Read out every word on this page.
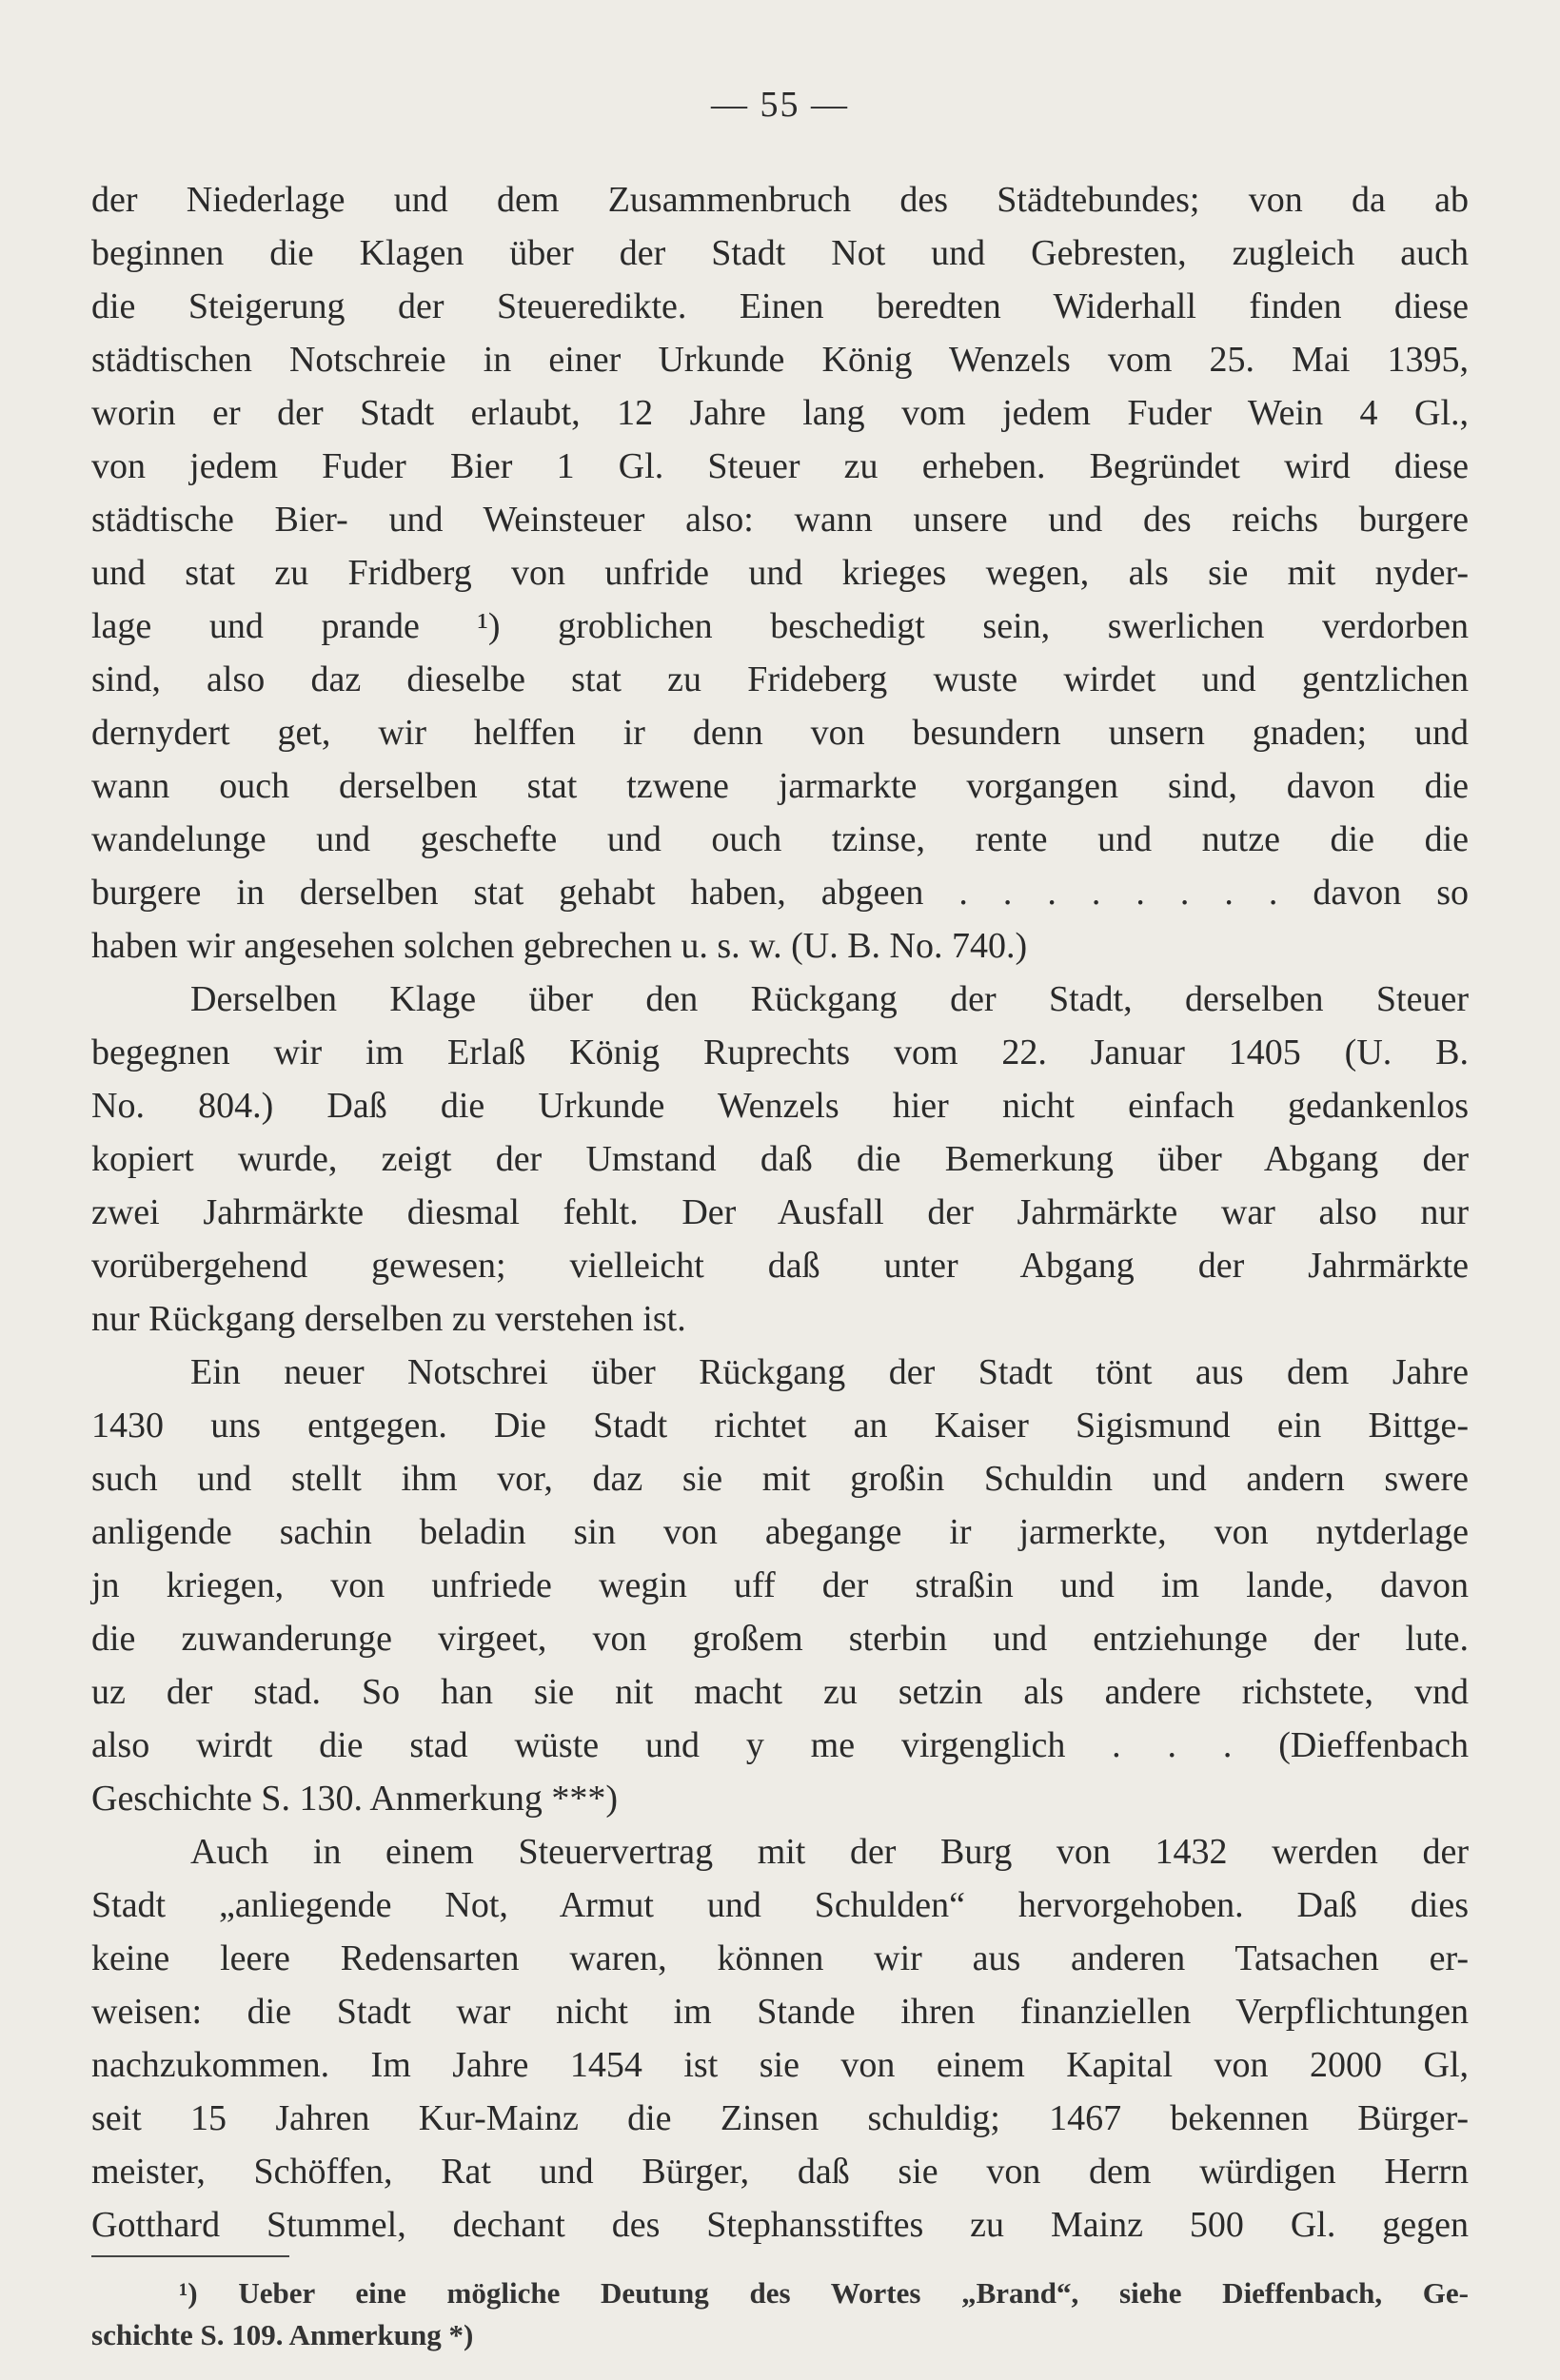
— 55 —
der Niederlage und dem Zusammenbruch des Städtebundes; von da ab
beginnen die Klagen über der Stadt Not und Gebresten, zugleich auch
die Steigerung der Steueredikte. Einen beredten Widerhall finden diese
städtischen Notschreie in einer Urkunde König Wenzels vom 25. Mai 1395,
worin er der Stadt erlaubt, 12 Jahre lang vom jedem Fuder Wein 4 Gl.,
von jedem Fuder Bier 1 Gl. Steuer zu erheben. Begründet wird diese
städtische Bier- und Weinsteuer also: wann unsere und des reichs burgere
und stat zu Fridberg von unfride und krieges wegen, als sie mit nyder-
lage und prande ¹) groblichen beschedigt sein, swerlichen verdorben
sind, also daz dieselbe stat zu Frideberg wuste wirdet und gentzlichen
dernydert get, wir helffen ir denn von besundern unsern gnaden; und
wann ouch derselben stat tzwene jarmarkte vorgangen sind, davon die
wandelunge und geschefte und ouch tzinse, rente und nutze die die
burgere in derselben stat gehabt haben, abgeen . . . . . . . . davon so
haben wir angesehen solchen gebrechen u. s. w. (U. B. No. 740.)
Derselben Klage über den Rückgang der Stadt, derselben Steuer
begegnen wir im Erlaß König Ruprechts vom 22. Januar 1405 (U. B.
No. 804.) Daß die Urkunde Wenzels hier nicht einfach gedankenlos
kopiert wurde, zeigt der Umstand daß die Bemerkung über Abgang der
zwei Jahrmärkte diesmal fehlt. Der Ausfall der Jahrmärkte war also nur
vorübergehend gewesen; vielleicht daß unter Abgang der Jahrmärkte
nur Rückgang derselben zu verstehen ist.
Ein neuer Notschrei über Rückgang der Stadt tönt aus dem Jahre
1430 uns entgegen. Die Stadt richtet an Kaiser Sigismund ein Bittge-
such und stellt ihm vor, daz sie mit großin Schuldin und andern swere
anligende sachin beladin sin von abegange ir jarmerkte, von nytderlage
jn kriegen, von unfriede wegin uff der straßin und im lande, davon
die zuwanderunge virgeet, von großem sterbin und entziehunge der lute.
uz der stad. So han sie nit macht zu setzin als andere richstete, vnd
also wirdt die stad wüste und y me virgenglich . . . (Dieffenbach
Geschichte S. 130. Anmerkung ***)
Auch in einem Steuervertrag mit der Burg von 1432 werden der
Stadt „anliegende Not, Armut und Schulden“ hervorgehoben. Daß dies
keine leere Redensarten waren, können wir aus anderen Tatsachen er-
weisen: die Stadt war nicht im Stande ihren finanziellen Verpflichtungen
nachzukommen. Im Jahre 1454 ist sie von einem Kapital von 2000 Gl,
seit 15 Jahren Kur-Mainz die Zinsen schuldig; 1467 bekennen Bürger-
meister, Schöffen, Rat und Bürger, daß sie von dem würdigen Herrn
Gotthard Stummel, dechant des Stephansstiftes zu Mainz 500 Gl. gegen
¹) Ueber eine mögliche Deutung des Wortes „Brand“, siehe Dieffenbach, Ge-
schichte S. 109. Anmerkung *)
